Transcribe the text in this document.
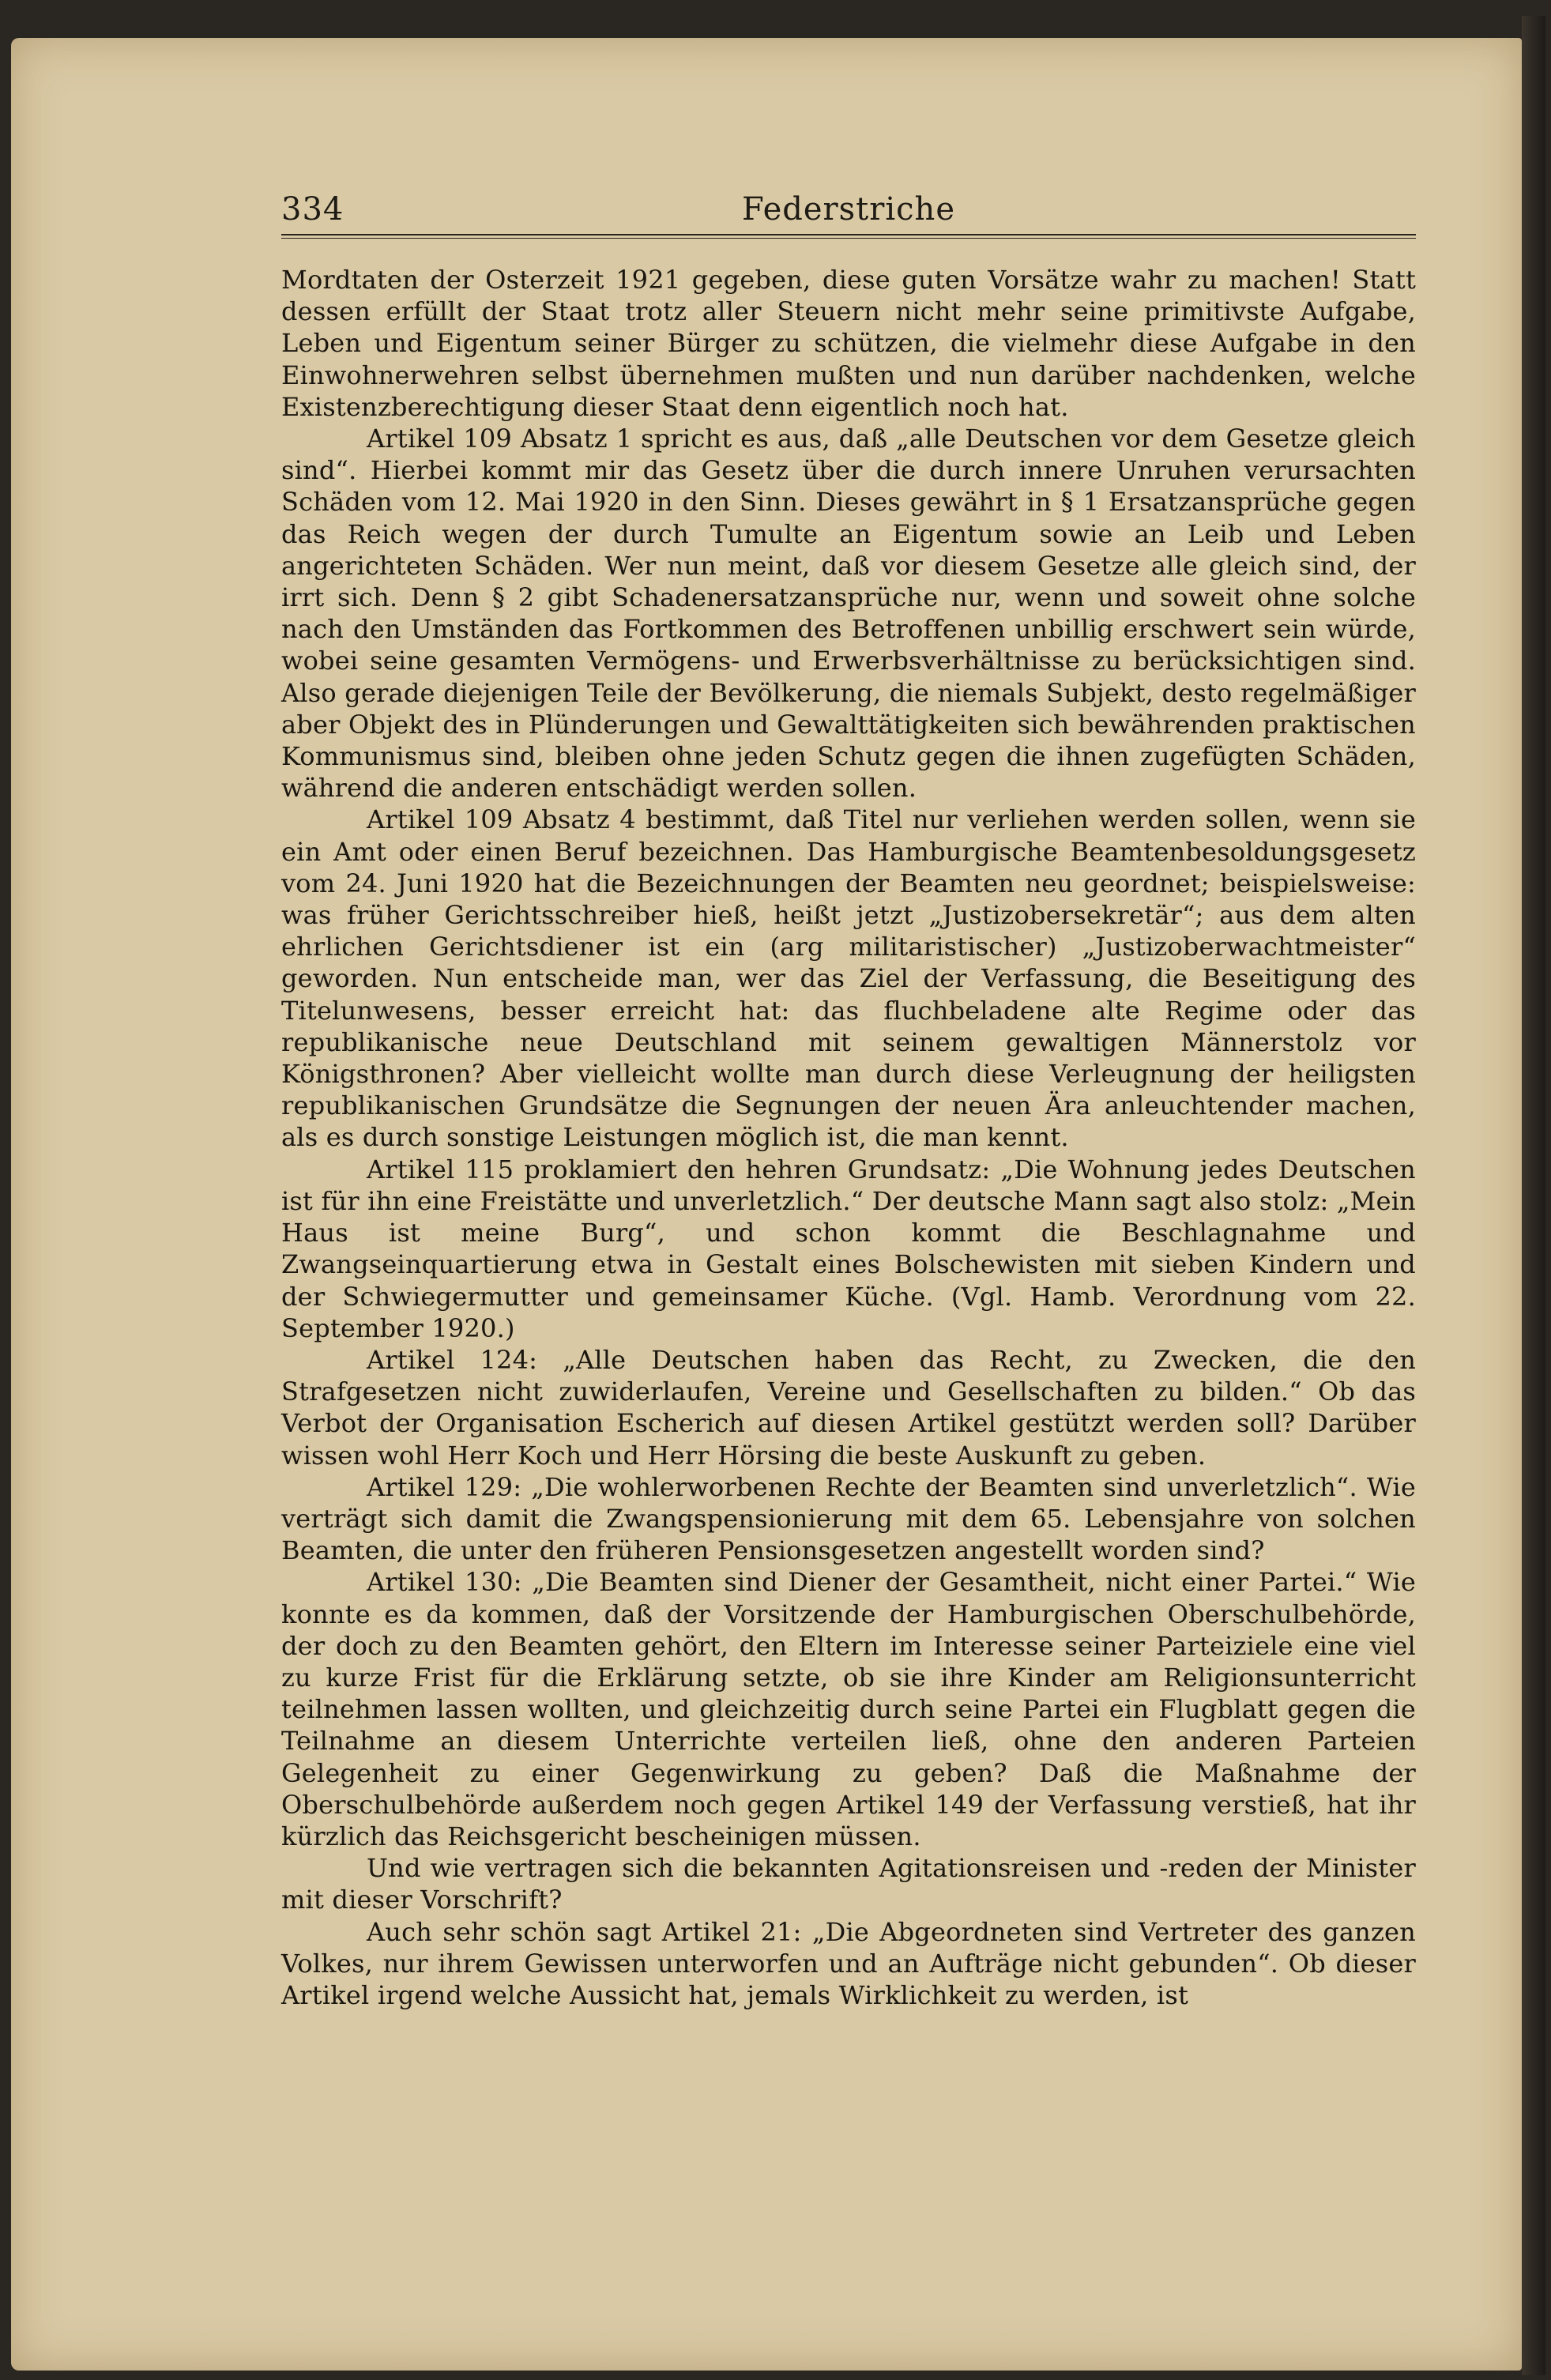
334	Federstriche

Mordtaten der Osterzeit 1921 gegeben, diese guten Vorsätze wahr zu machen! Statt dessen erfüllt der Staat trotz aller Steuern nicht mehr seine primitivste Aufgabe, Leben und Eigentum seiner Bürger zu schützen, die vielmehr diese Aufgabe in den Einwohnerwehren selbst übernehmen mußten und nun darüber nachdenken, welche Existenzberechtigung dieser Staat denn eigentlich noch hat.

Artikel 109 Absatz 1 spricht es aus, daß „alle Deutschen vor dem Gesetze gleich sind“. Hierbei kommt mir das Gesetz über die durch innere Unruhen verursachten Schäden vom 12. Mai 1920 in den Sinn. Dieses gewährt in § 1 Ersatzansprüche gegen das Reich wegen der durch Tumulte an Eigentum sowie an Leib und Leben angerichteten Schäden. Wer nun meint, daß vor diesem Gesetze alle gleich sind, der irrt sich. Denn § 2 gibt Schadenersatzansprüche nur, wenn und soweit ohne solche nach den Umständen das Fortkommen des Betroffenen unbillig erschwert sein würde, wobei seine gesamten Vermögens- und Erwerbsverhältnisse zu berücksichtigen sind. Also gerade diejenigen Teile der Bevölkerung, die niemals Subjekt, desto regelmäßiger aber Objekt des in Plünderungen und Gewalttätigkeiten sich bewährenden praktischen Kommunismus sind, bleiben ohne jeden Schutz gegen die ihnen zugefügten Schäden, während die anderen entschädigt werden sollen.

Artikel 109 Absatz 4 bestimmt, daß Titel nur verliehen werden sollen, wenn sie ein Amt oder einen Beruf bezeichnen. Das Hamburgische Beamtenbesoldungsgesetz vom 24. Juni 1920 hat die Bezeichnungen der Beamten neu geordnet; beispielsweise: was früher Gerichtsschreiber hieß, heißt jetzt „Justizobersekretär“; aus dem alten ehrlichen Gerichtsdiener ist ein (arg militaristischer) „Justizoberwachtmeister“ geworden. Nun entscheide man, wer das Ziel der Verfassung, die Beseitigung des Titelunwesens, besser erreicht hat: das fluchbeladene alte Regime oder das republikanische neue Deutschland mit seinem gewaltigen Männerstolz vor Königsthronen? Aber vielleicht wollte man durch diese Verleugnung der heiligsten republikanischen Grundsätze die Segnungen der neuen Ära anleuchtender machen, als es durch sonstige Leistungen möglich ist, die man kennt.

Artikel 115 proklamiert den hehren Grundsatz: „Die Wohnung jedes Deutschen ist für ihn eine Freistätte und unverletzlich.“ Der deutsche Mann sagt also stolz: „Mein Haus ist meine Burg“, und schon kommt die Beschlagnahme und Zwangseinquartierung etwa in Gestalt eines Bolschewisten mit sieben Kindern und der Schwiegermutter und gemeinsamer Küche. (Vgl. Hamb. Verordnung vom 22. September 1920.)

Artikel 124: „Alle Deutschen haben das Recht, zu Zwecken, die den Strafgesetzen nicht zuwiderlaufen, Vereine und Gesellschaften zu bilden.“ Ob das Verbot der Organisation Escherich auf diesen Artikel gestützt werden soll? Darüber wissen wohl Herr Koch und Herr Hörsing die beste Auskunft zu geben.

Artikel 129: „Die wohlerworbenen Rechte der Beamten sind unverletzlich“. Wie verträgt sich damit die Zwangspensionierung mit dem 65. Lebensjahre von solchen Beamten, die unter den früheren Pensionsgesetzen angestellt worden sind?

Artikel 130: „Die Beamten sind Diener der Gesamtheit, nicht einer Partei.“ Wie konnte es da kommen, daß der Vorsitzende der Hamburgischen Oberschulbehörde, der doch zu den Beamten gehört, den Eltern im Interesse seiner Parteiziele eine viel zu kurze Frist für die Erklärung setzte, ob sie ihre Kinder am Religionsunterricht teilnehmen lassen wollten, und gleichzeitig durch seine Partei ein Flugblatt gegen die Teilnahme an diesem Unterrichte verteilen ließ, ohne den anderen Parteien Gelegenheit zu einer Gegenwirkung zu geben? Daß die Maßnahme der Oberschulbehörde außerdem noch gegen Artikel 149 der Verfassung verstieß, hat ihr kürzlich das Reichsgericht bescheinigen müssen.

Und wie vertragen sich die bekannten Agitationsreisen und -reden der Minister mit dieser Vorschrift?

Auch sehr schön sagt Artikel 21: „Die Abgeordneten sind Vertreter des ganzen Volkes, nur ihrem Gewissen unterworfen und an Aufträge nicht gebunden“. Ob dieser Artikel irgend welche Aussicht hat, jemals Wirklichkeit zu werden, ist
